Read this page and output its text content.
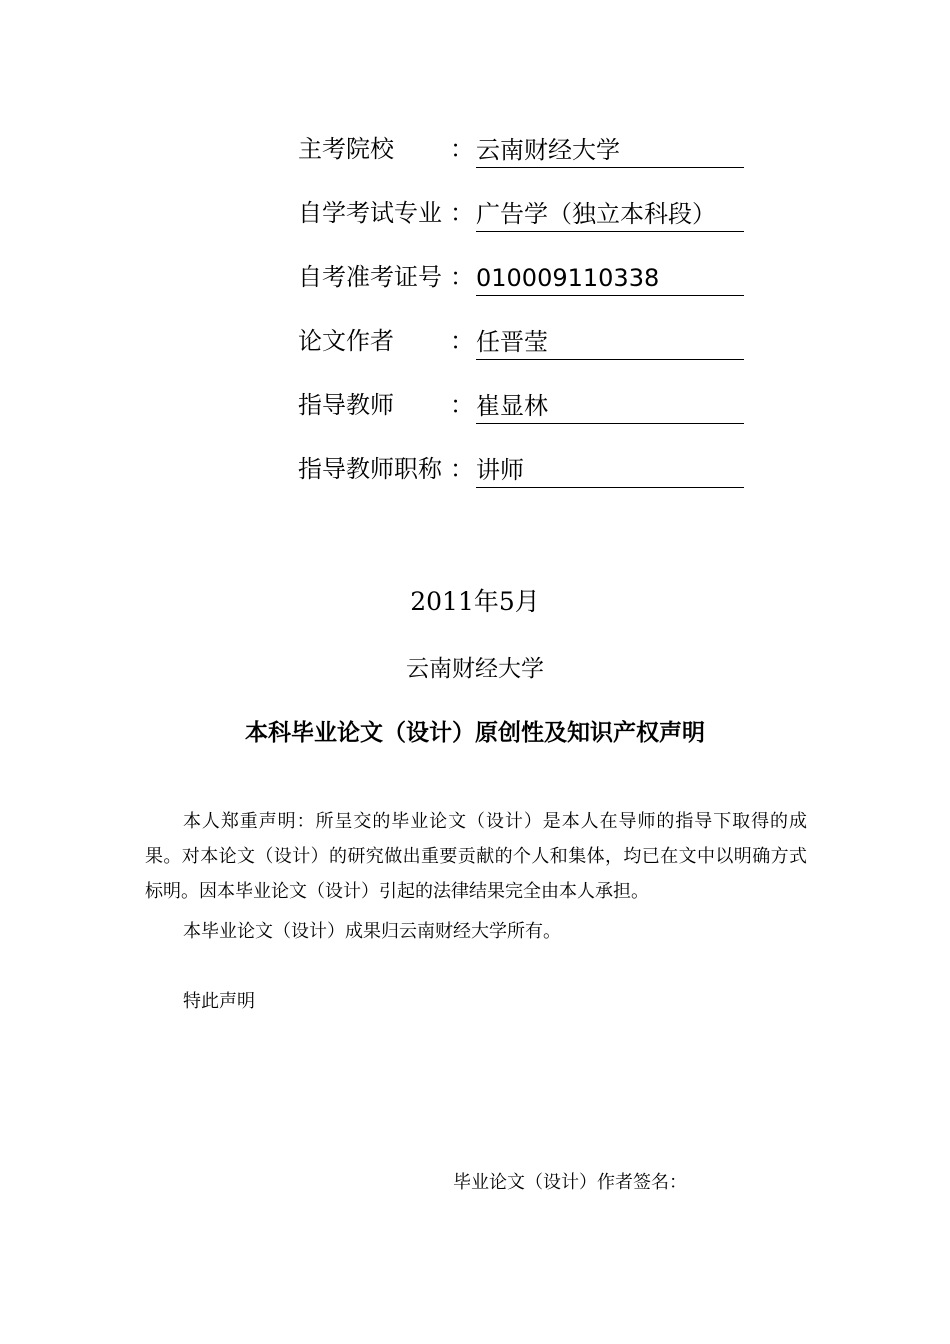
主考院校 ： 云南财经大学
自学考试专业 ： 广告学（独立本科段）
自考准考证号 ： 010009110338
论文作者 ： 任晋莹
指导教师 ： 崔显林
指导教师职称 ： 讲师
2011年5月
云南财经大学
本科毕业论文（设计）原创性及知识产权声明

本人郑重声明：所呈交的毕业论文（设计）是本人在导师的指导下取得的成果。对本论文（设计）的研究做出重要贡献的个人和集体，均已在文中以明确方式标明。因本毕业论文（设计）引起的法律结果完全由本人承担。

本毕业论文（设计）成果归云南财经大学所有。

特此声明
毕业论文（设计）作者签名：
